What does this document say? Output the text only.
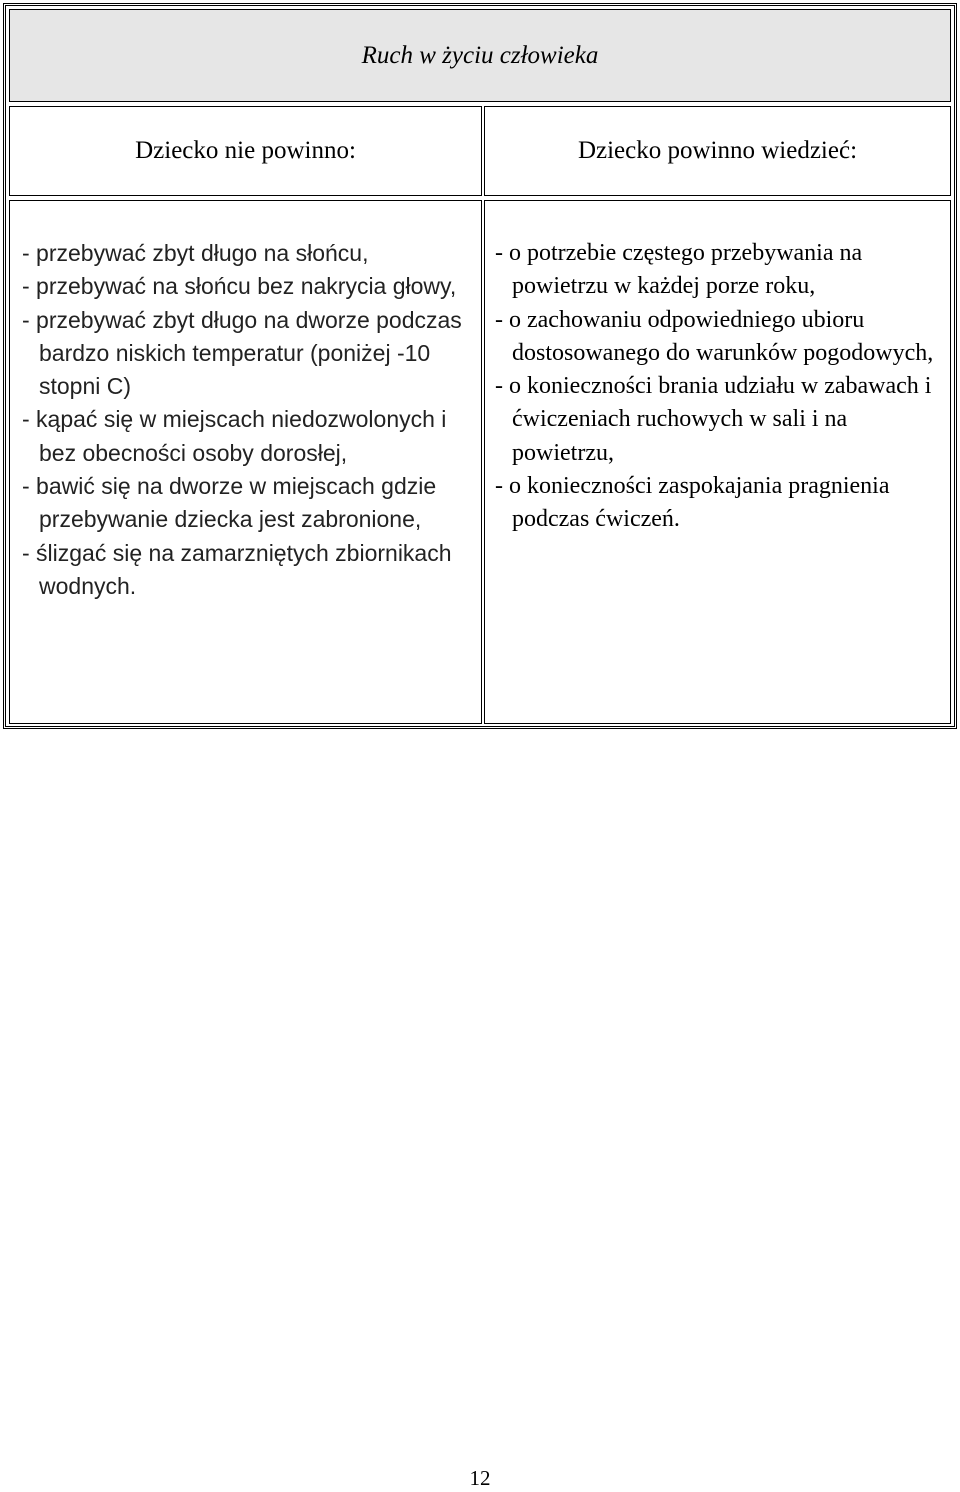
Ruch w życiu człowieka
Dziecko nie powinno:	Dziecko powinno wiedzieć:
- przebywać zbyt długo na słońcu,
- przebywać na słońcu bez nakrycia głowy,
- przebywać zbyt długo na dworze podczas bardzo niskich temperatur (poniżej -10 stopni C)
- kąpać się w miejscach niedozwolonych i bez obecności osoby dorosłej,
- bawić się na dworze w miejscach gdzie przebywanie dziecka jest zabronione,
- ślizgać się na zamarzniętych zbiornikach wodnych.
- o potrzebie częstego przebywania na powietrzu w każdej porze roku,
- o zachowaniu odpowiedniego ubioru dostosowanego do warunków pogodowych,
- o konieczności brania udziału w zabawach i ćwiczeniach ruchowych w sali i na powietrzu,
- o konieczności zaspokajania pragnienia podczas ćwiczeń.
12
